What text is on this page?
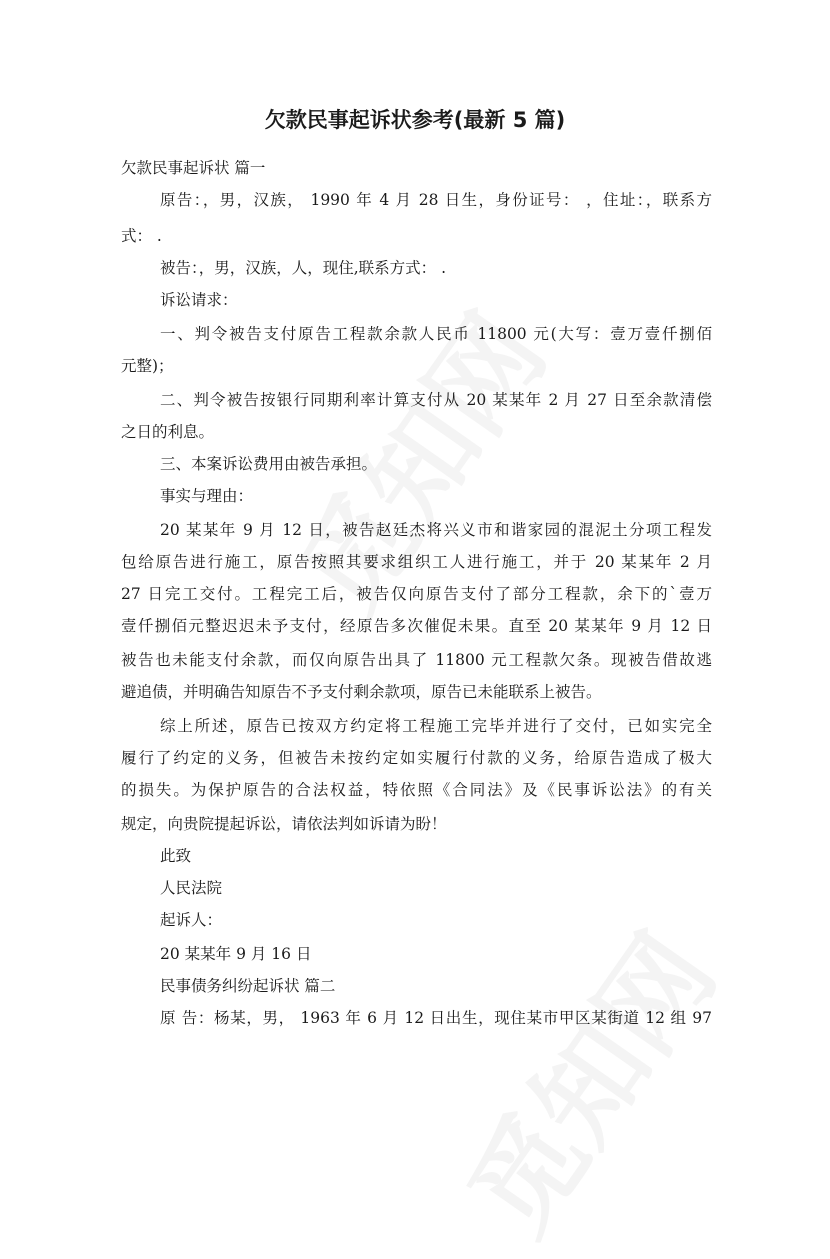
欠款民事起诉状参考(最新 5 篇)
欠款民事起诉状 篇一
原告：，男，汉族， 1990 年 4 月 28 日生，身份证号： ，住址：，联系方
式： .
被告：，男，汉族，人，现住,联系方式： .
诉讼请求：
一、判令被告支付原告工程款余款人民币 11800 元(大写：壹万壹仟捌佰
元整)；
二、判令被告按银行同期利率计算支付从 20 某某年 2 月 27 日至余款清偿
之日的利息。
三、本案诉讼费用由被告承担。
事实与理由：
20 某某年 9 月 12 日，被告赵廷杰将兴义市和谐家园的混泥土分项工程发
包给原告进行施工，原告按照其要求组织工人进行施工，并于 20 某某年 2 月
27 日完工交付。工程完工后，被告仅向原告支付了部分工程款，余下的`壹万
壹仟捌佰元整迟迟未予支付，经原告多次催促未果。直至 20 某某年 9 月 12 日
被告也未能支付余款，而仅向原告出具了 11800 元工程款欠条。现被告借故逃
避追债，并明确告知原告不予支付剩余款项，原告已未能联系上被告。
综上所述，原告已按双方约定将工程施工完毕并进行了交付，已如实完全
履行了约定的义务，但被告未按约定如实履行付款的义务，给原告造成了极大
的损失。为保护原告的合法权益，特依照《合同法》及《民事诉讼法》的有关
规定，向贵院提起诉讼，请依法判如诉请为盼！
此致
人民法院
起诉人：
20 某某年 9 月 16 日
民事债务纠纷起诉状 篇二
原 告：杨某，男， 1963 年 6 月 12 日出生，现住某市甲区某街道 12 组 97
